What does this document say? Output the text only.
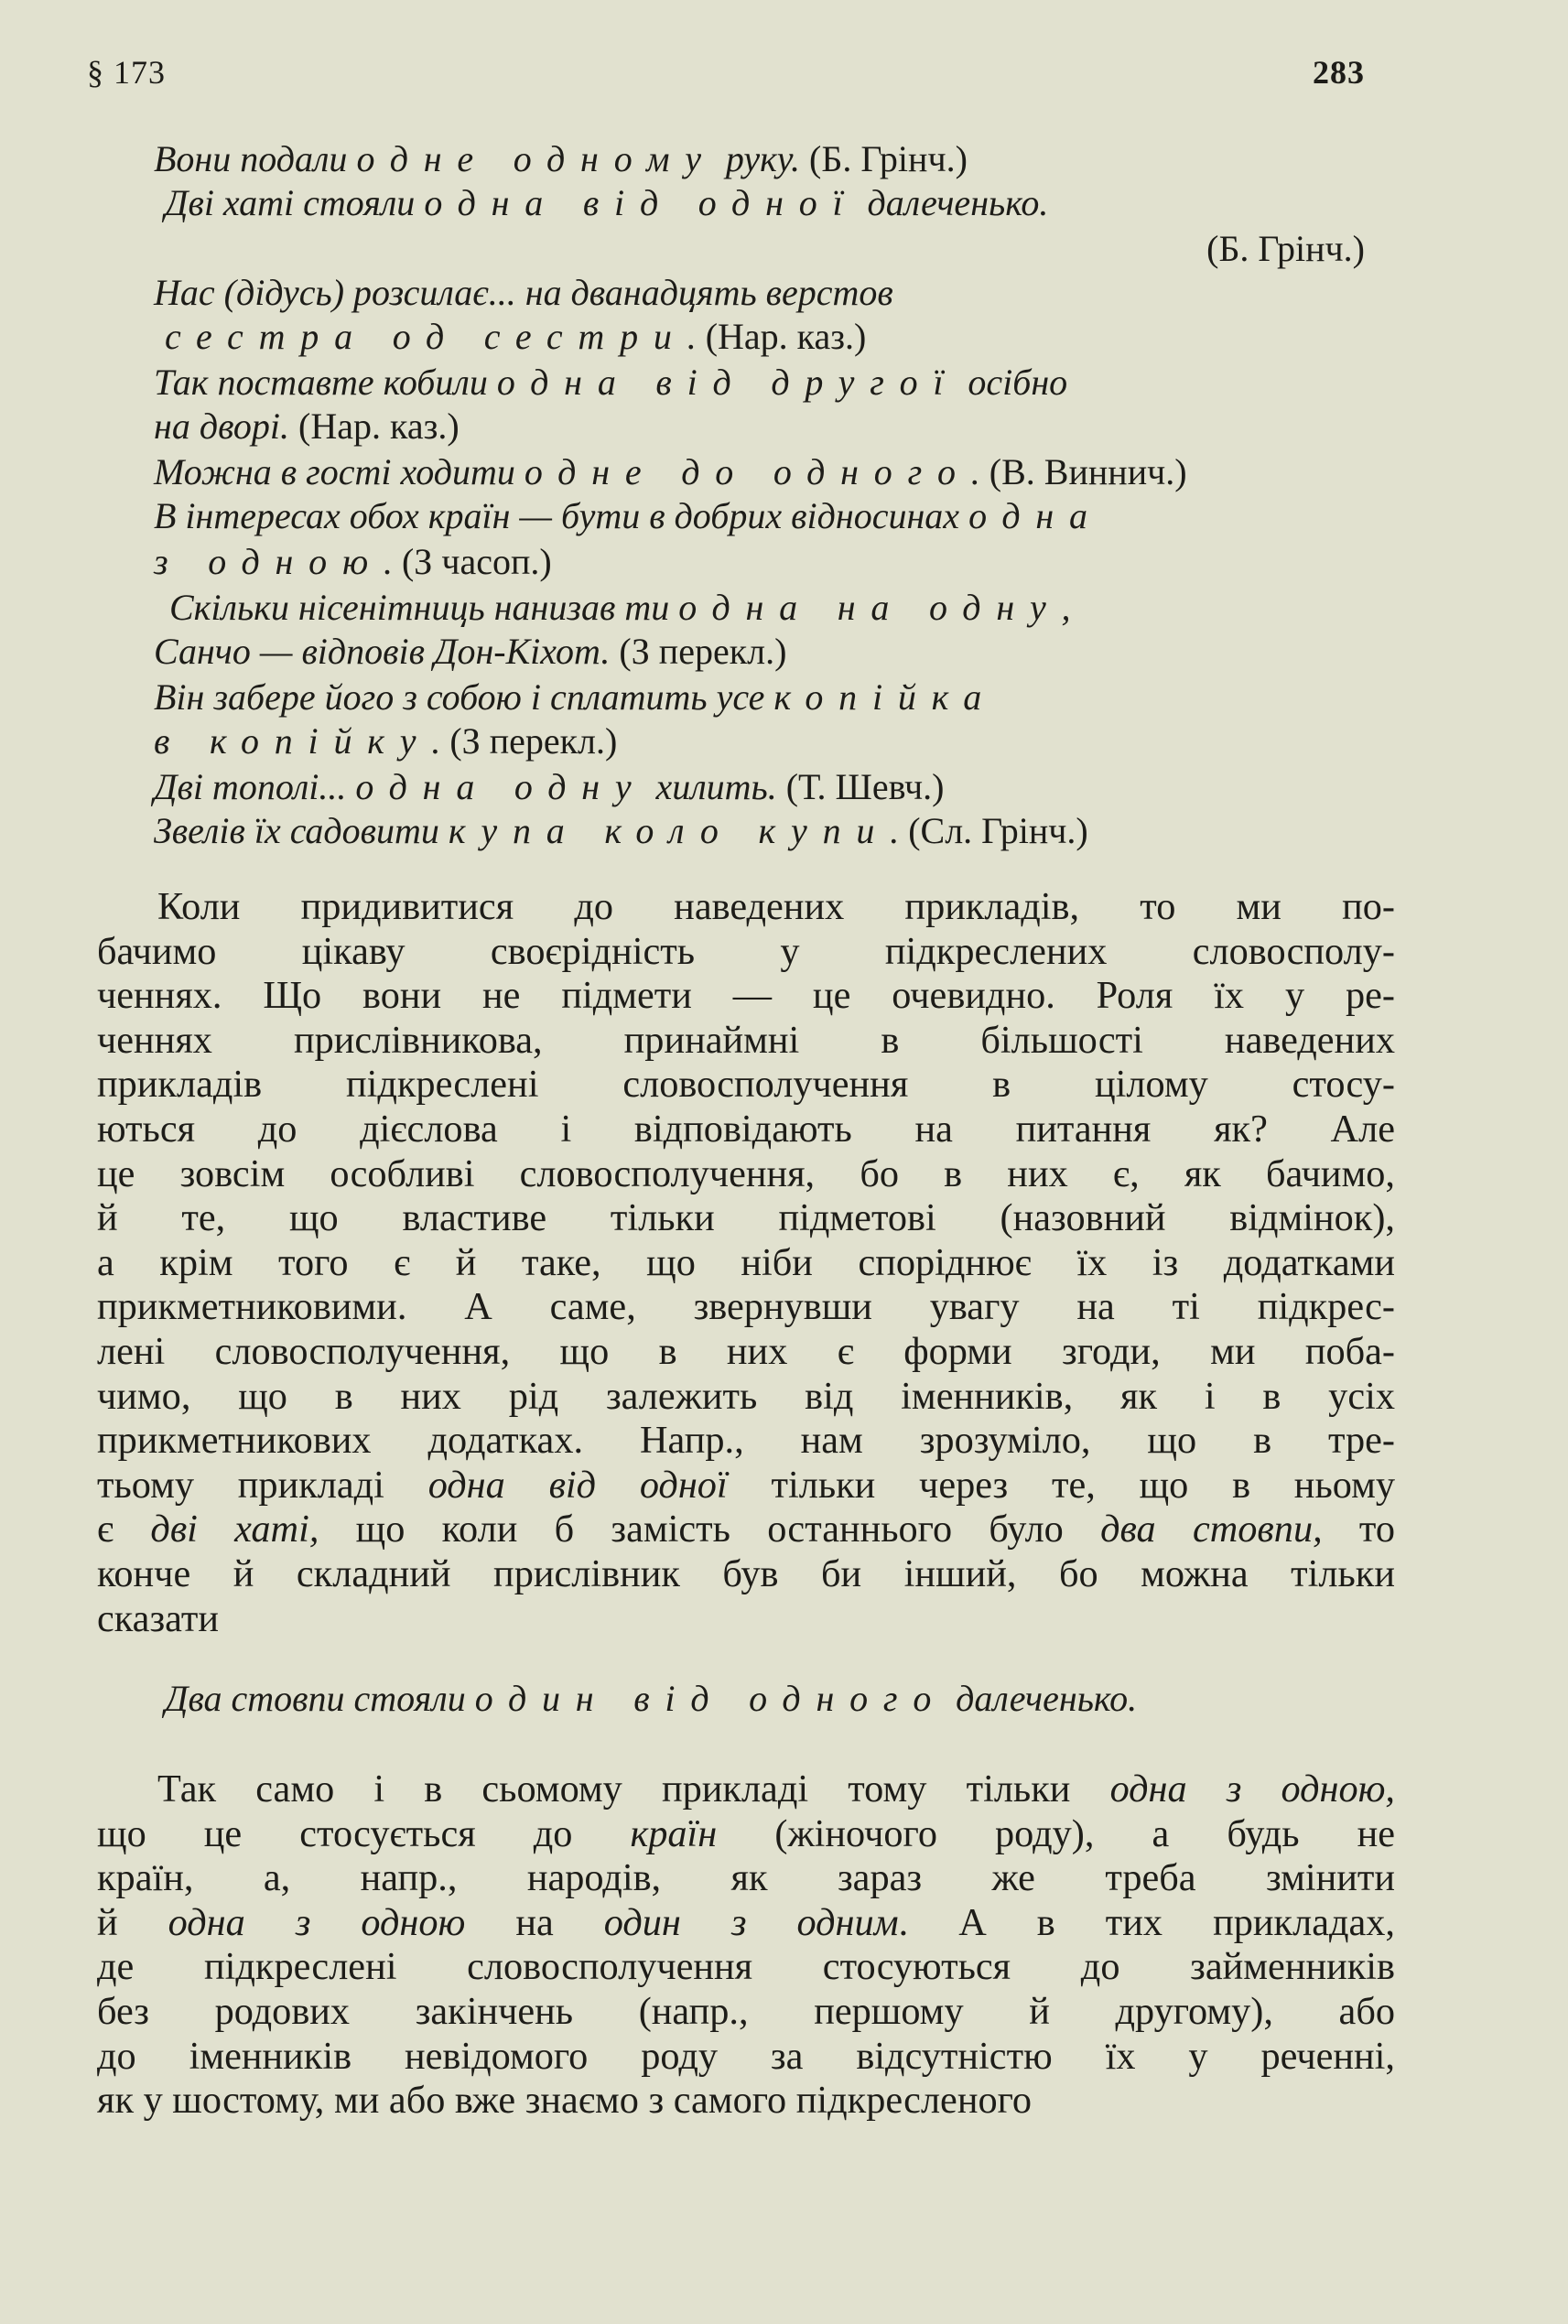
§ 173	283
Вони подали одне одному руку. (Б. Грінч.)
Дві хаті стояли одна від одної далеченько.
(Б. Грінч.)
Нас (дідусь) розсилає... на дванадцять верстов
сестра од сестри. (Нар. каз.)
Так поставте кобили одна від другої осібно
на дворі. (Нар. каз.)
Можна в гості ходити одне до одного. (В. Виннич.)
В інтересах обох країн — бути в добрих відносинах одна
з одною. (З часоп.)
Скільки нісенітниць нанизав ти одна на одну,
Санчо — відповів Дон-Кіхот. (З перекл.)
Він забере його з собою і сплатить усе копійка
в копійку. (З перекл.)
Дві тополі... одна одну хилить. (Т. Шевч.)
Звелів їх садовити купа коло купи. (Сл. Грінч.)
Коли придивитися до наведених прикладів, то ми по-
бачимо цікаву своєрідність у підкреслених словосполу-
ченнях. Що вони не підмети — це очевидно. Роля їх у ре-
ченнях прислівникова, принаймні в більшості наведених
прикладів підкреслені словосполучення в цілому стосу-
ються до дієслова і відповідають на питання як? Але
це зовсім особливі словосполучення, бо в них є, як бачимо,
й те, що властиве тільки підметові (назовний відмінок),
а крім того є й таке, що ніби споріднює їх із додатками
прикметниковими. А саме, звернувши увагу на ті підкрес-
лені словосполучення, що в них є форми згоди, ми поба-
чимо, що в них рід залежить від іменників, як і в усіх
прикметникових додатках. Напр., нам зрозуміло, що в тре-
тьому прикладі одна від одної тільки через те, що в ньому
є дві хаті, що коли б замість останнього було два стовпи, то
конче й складний прислівник був би інший, бо можна тільки
сказати
Два стовпи стояли один від одного далеченько.
Так само і в сьомому прикладі тому тільки одна з одною,
що це стосується до країн (жіночого роду), а будь не
країн, а, напр., народів, як зараз же треба змінити
й одна з одною на один з одним. А в тих прикладах,
де підкреслені словосполучення стосуються до займенників
без родових закінчень (напр., першому й другому), або
до іменників невідомого роду за відсутністю їх у реченні,
як у шостому, ми або вже знаємо з самого підкресленого
